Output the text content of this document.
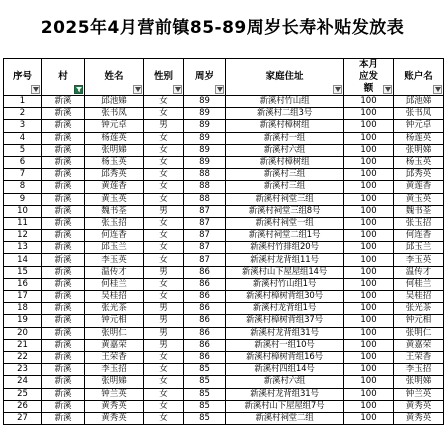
2025年4月营前镇85-89周岁长寿补贴发放表
序号	村	姓名	性别	周岁	家庭住址	本月应发额	账户名

1	新溪	邱池娣	女	89	新溪村竹山组	100	邱池娣
2	新溪	张书凤	女	89	新溪村二组3号	100	张书凤
3	新溪	钟元卓	男	89	新溪村樟树组	100	钟元卓
4	新溪	杨莲英	女	89	新溪村一组	100	杨莲英
5	新溪	张明娣	女	89	新溪村六组	100	张明娣
6	新溪	杨玉英	女	89	新溪村樟树组	100	杨玉英
7	新溪	邱秀英	女	88	新溪村三组	100	邱秀英
8	新溪	黄莲香	女	88	新溪村三组	100	黄莲香
9	新溪	黄玉英	女	88	新溪村祠堂三组	100	黄玉英
10	新溪	魏书荃	男	87	新溪村祠堂三组8号	100	魏书荃
11	新溪	张玉招	女	87	新溪村祠堂一组	100	张玉招
12	新溪	何连香	女	87	新溪村祠堂二组1号	100	何连香
13	新溪	邱玉兰	女	87	新溪村竹排组20号	100	邱玉兰
14	新溪	李玉英	女	87	新溪村龙背组11号	100	李玉英
15	新溪	温传才	男	86	新溪村山下屋屋组14号	100	温传才
16	新溪	何桂兰	女	86	新溪村竹山组1号	100	何桂兰
17	新溪	吴桂招	女	86	新溪村樟树背组30号	100	吴桂招
18	新溪	张光茶	男	86	新溪村龙背组1号	100	张光茶
19	新溪	钟元相	男	86	新溪村樟树背组37号	100	钟元相
20	新溪	张明仁	男	86	新溪村龙背组31号	100	张明仁
21	新溪	黄嘉荣	男	86	新溪村一组10号	100	黄嘉荣
22	新溪	王荣香	女	86	新溪村樟树背组16号	100	王荣香
23	新溪	李玉招	女	85	新溪村四组14号	100	李玉招
24	新溪	张明娣	女	85	新溪村六组	100	张明娣
25	新溪	钟兰英	女	85	新溪村龙背组31号	100	钟兰英
26	新溪	黄秀英	女	85	新溪村山下屋屋组7号	100	黄秀英
27	新溪	黄秀英	女	85	新溪村祠堂二组	100	黄秀英
